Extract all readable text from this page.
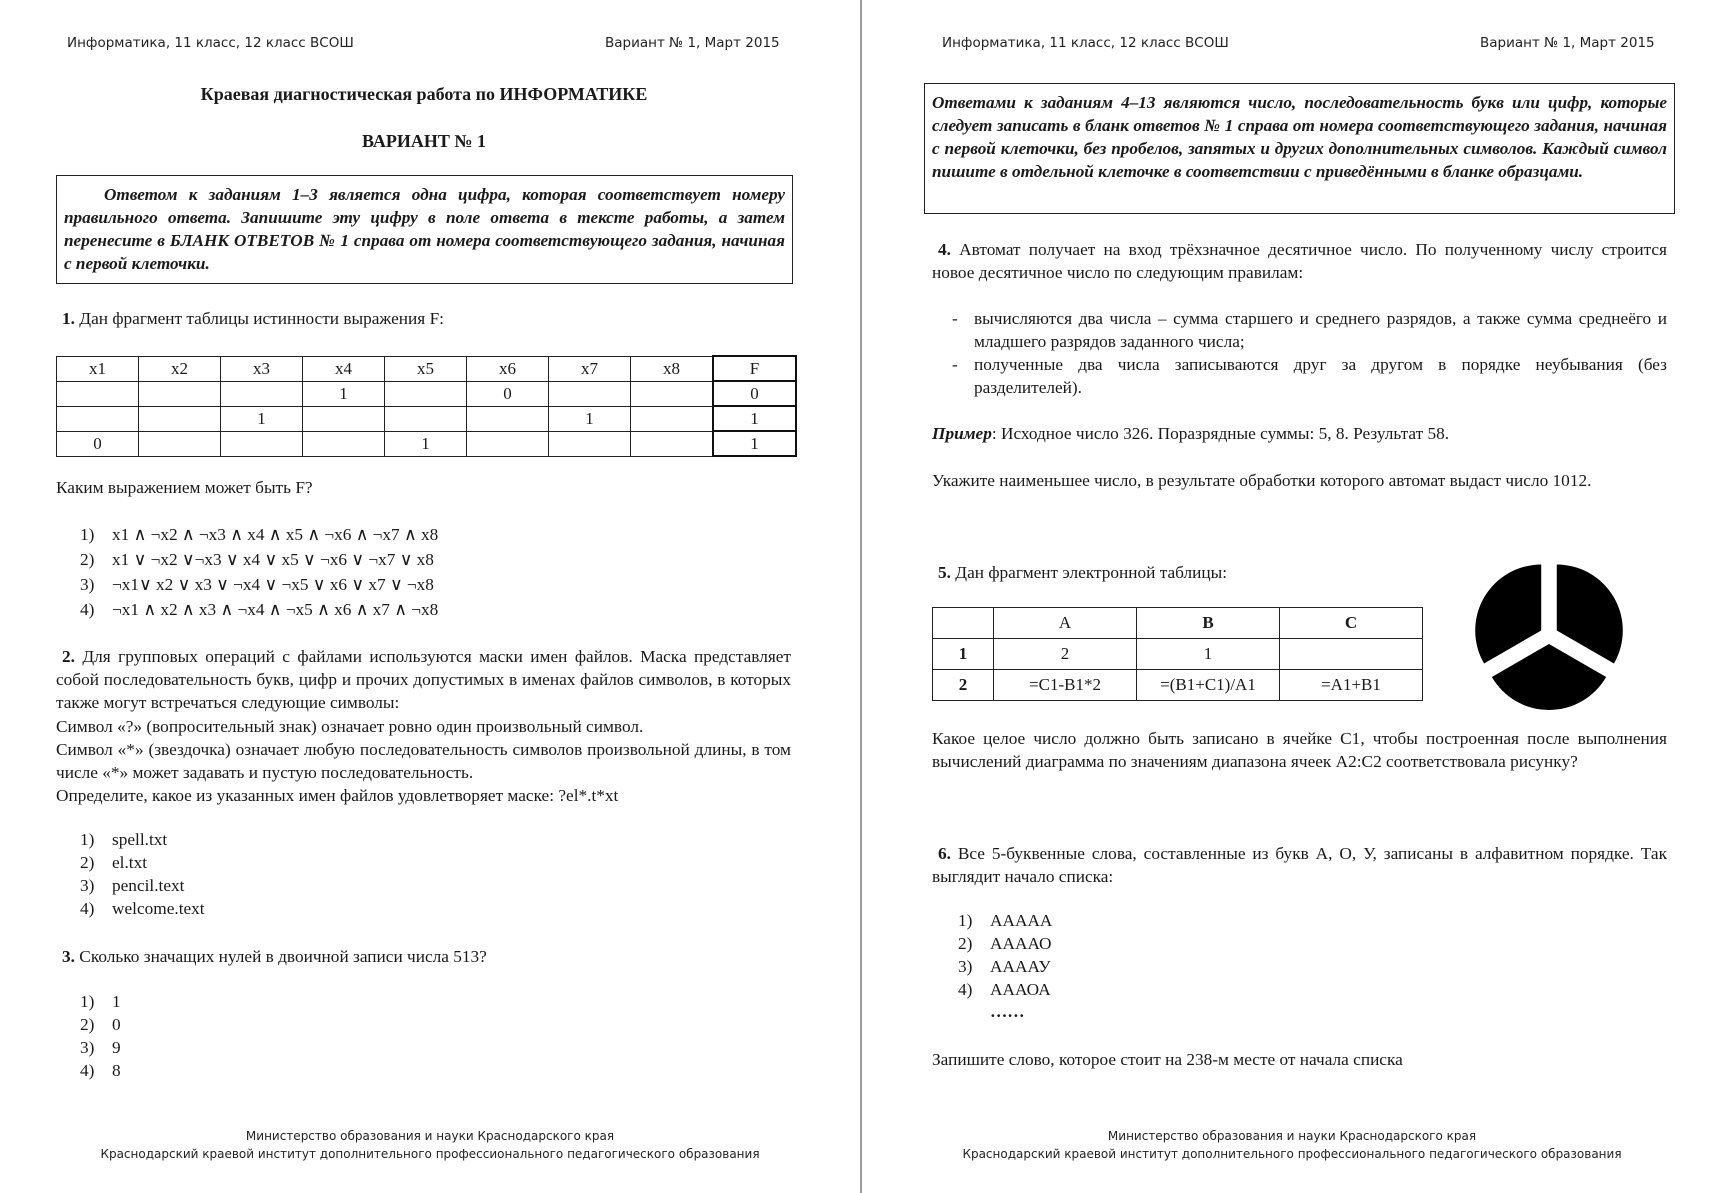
Информатика, 11 класс, 12 класс ВСОШ	Вариант № 1, Март 2015
Краевая диагностическая работа по ИНФОРМАТИКЕ
ВАРИАНТ № 1
Ответом к заданиям 1–3 является одна цифра, которая соответствует номеру правильного ответа. Запишите эту цифру в поле ответа в тексте работы, а затем перенесите в БЛАНК ОТВЕТОВ № 1 справа от номера соответствующего задания, начиная с первой клеточки.
1. Дан фрагмент таблицы истинности выражения F:
x1	x2	x3	x4	x5	x6	x7	x8	F
			1		0			0
		1				1		1
0				1				1
Каким выражением может быть F?
1) x1 ∧ ¬x2 ∧ ¬x3 ∧ x4 ∧ x5 ∧ ¬x6 ∧ ¬x7 ∧ x8
2) x1 ∨ ¬x2 ∨¬x3 ∨ x4 ∨ x5 ∨ ¬x6 ∨ ¬x7 ∨ x8
3) ¬x1∨ x2 ∨ x3 ∨ ¬x4 ∨ ¬x5 ∨ x6 ∨ x7 ∨ ¬x8
4) ¬x1 ∧ x2 ∧ x3 ∧ ¬x4 ∧ ¬x5 ∧ x6 ∧ x7 ∧ ¬x8
2. Для групповых операций с файлами используются маски имен файлов. Маска представляет собой последовательность букв, цифр и прочих допустимых в именах файлов символов, в которых также могут встречаться следующие символы:
Символ «?» (вопросительный знак) означает ровно один произвольный символ.
Символ «*» (звездочка) означает любую последовательность символов произвольной длины, в том числе «*» может задавать и пустую последовательность.
Определите, какое из указанных имен файлов удовлетворяет маске: ?el*.t*xt
1) spell.txt
2) el.txt
3) pencil.text
4) welcome.text
3. Сколько значащих нулей в двоичной записи числа 513?
1) 1
2) 0
3) 9
4) 8
Министерство образования и науки Краснодарского края
Краснодарский краевой институт дополнительного профессионального педагогического образования
Информатика, 11 класс, 12 класс ВСОШ	Вариант № 1, Март 2015
Ответами к заданиям 4–13 являются число, последовательность букв или цифр, которые следует записать в бланк ответов № 1 справа от номера соответствующего задания, начиная с первой клеточки, без пробелов, запятых и других дополнительных символов. Каждый символ пишите в отдельной клеточке в соответствии с приведёнными в бланке образцами.
4. Автомат получает на вход трёхзначное десятичное число. По полученному числу строится новое десятичное число по следующим правилам:
- вычисляются два числа – сумма старшего и среднего разрядов, а также сумма среднеёго и младшего разрядов заданного числа;
- полученные два числа записываются друг за другом в порядке неубывания (без разделителей).
Пример: Исходное число 326. Поразрядные суммы: 5, 8. Результат 58.
Укажите наименьшее число, в результате обработки которого автомат выдаст число 1012.
5. Дан фрагмент электронной таблицы:
	A	B	C
1	2	1	
2	=C1-B1*2	=(B1+C1)/A1	=A1+B1
Какое целое число должно быть записано в ячейке С1, чтобы построенная после выполнения вычислений диаграмма по значениям диапазона ячеек A2:C2 соответствовала рисунку?
6. Все 5-буквенные слова, составленные из букв А, О, У, записаны в алфавитном порядке. Так выглядит начало списка:
1) ААААА
2) ААААО
3) ААААУ
4) АААОА
……
Запишите слово, которое стоит на 238-м месте от начала списка
Министерство образования и науки Краснодарского края
Краснодарский краевой институт дополнительного профессионального педагогического образования
